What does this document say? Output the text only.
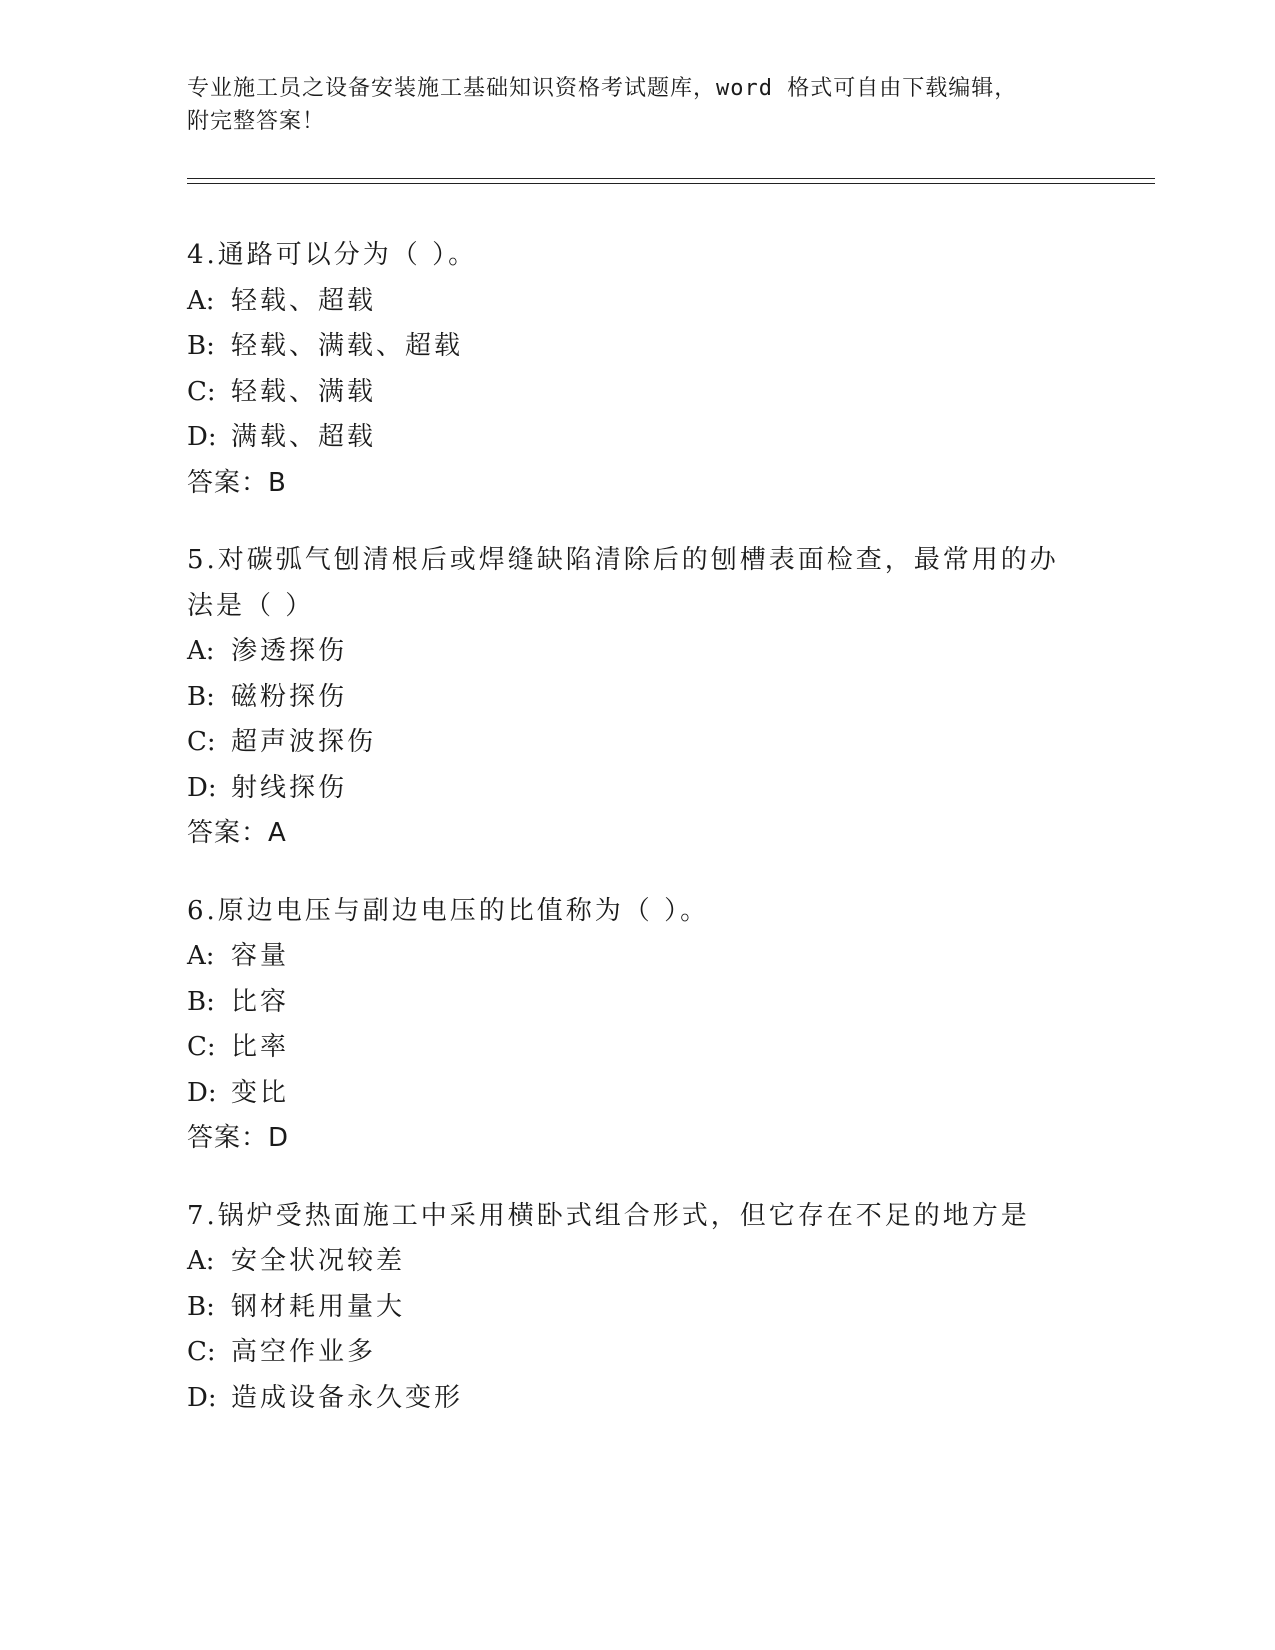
专业施工员之设备安装施工基础知识资格考试题库，word 格式可自由下载编辑，
附完整答案！
4.通路可以分为（ ）。
A: 轻载、超载
B: 轻载、满载、超载
C: 轻载、满载
D: 满载、超载
答案：B
5.对碳弧气刨清根后或焊缝缺陷清除后的刨槽表面检查，最常用的办
法是（ ）
A: 渗透探伤
B: 磁粉探伤
C: 超声波探伤
D: 射线探伤
答案：A
6.原边电压与副边电压的比值称为（ ）。
A: 容量
B: 比容
C: 比率
D: 变比
答案：D
7.锅炉受热面施工中采用横卧式组合形式，但它存在不足的地方是
A: 安全状况较差
B: 钢材耗用量大
C: 高空作业多
D: 造成设备永久变形
